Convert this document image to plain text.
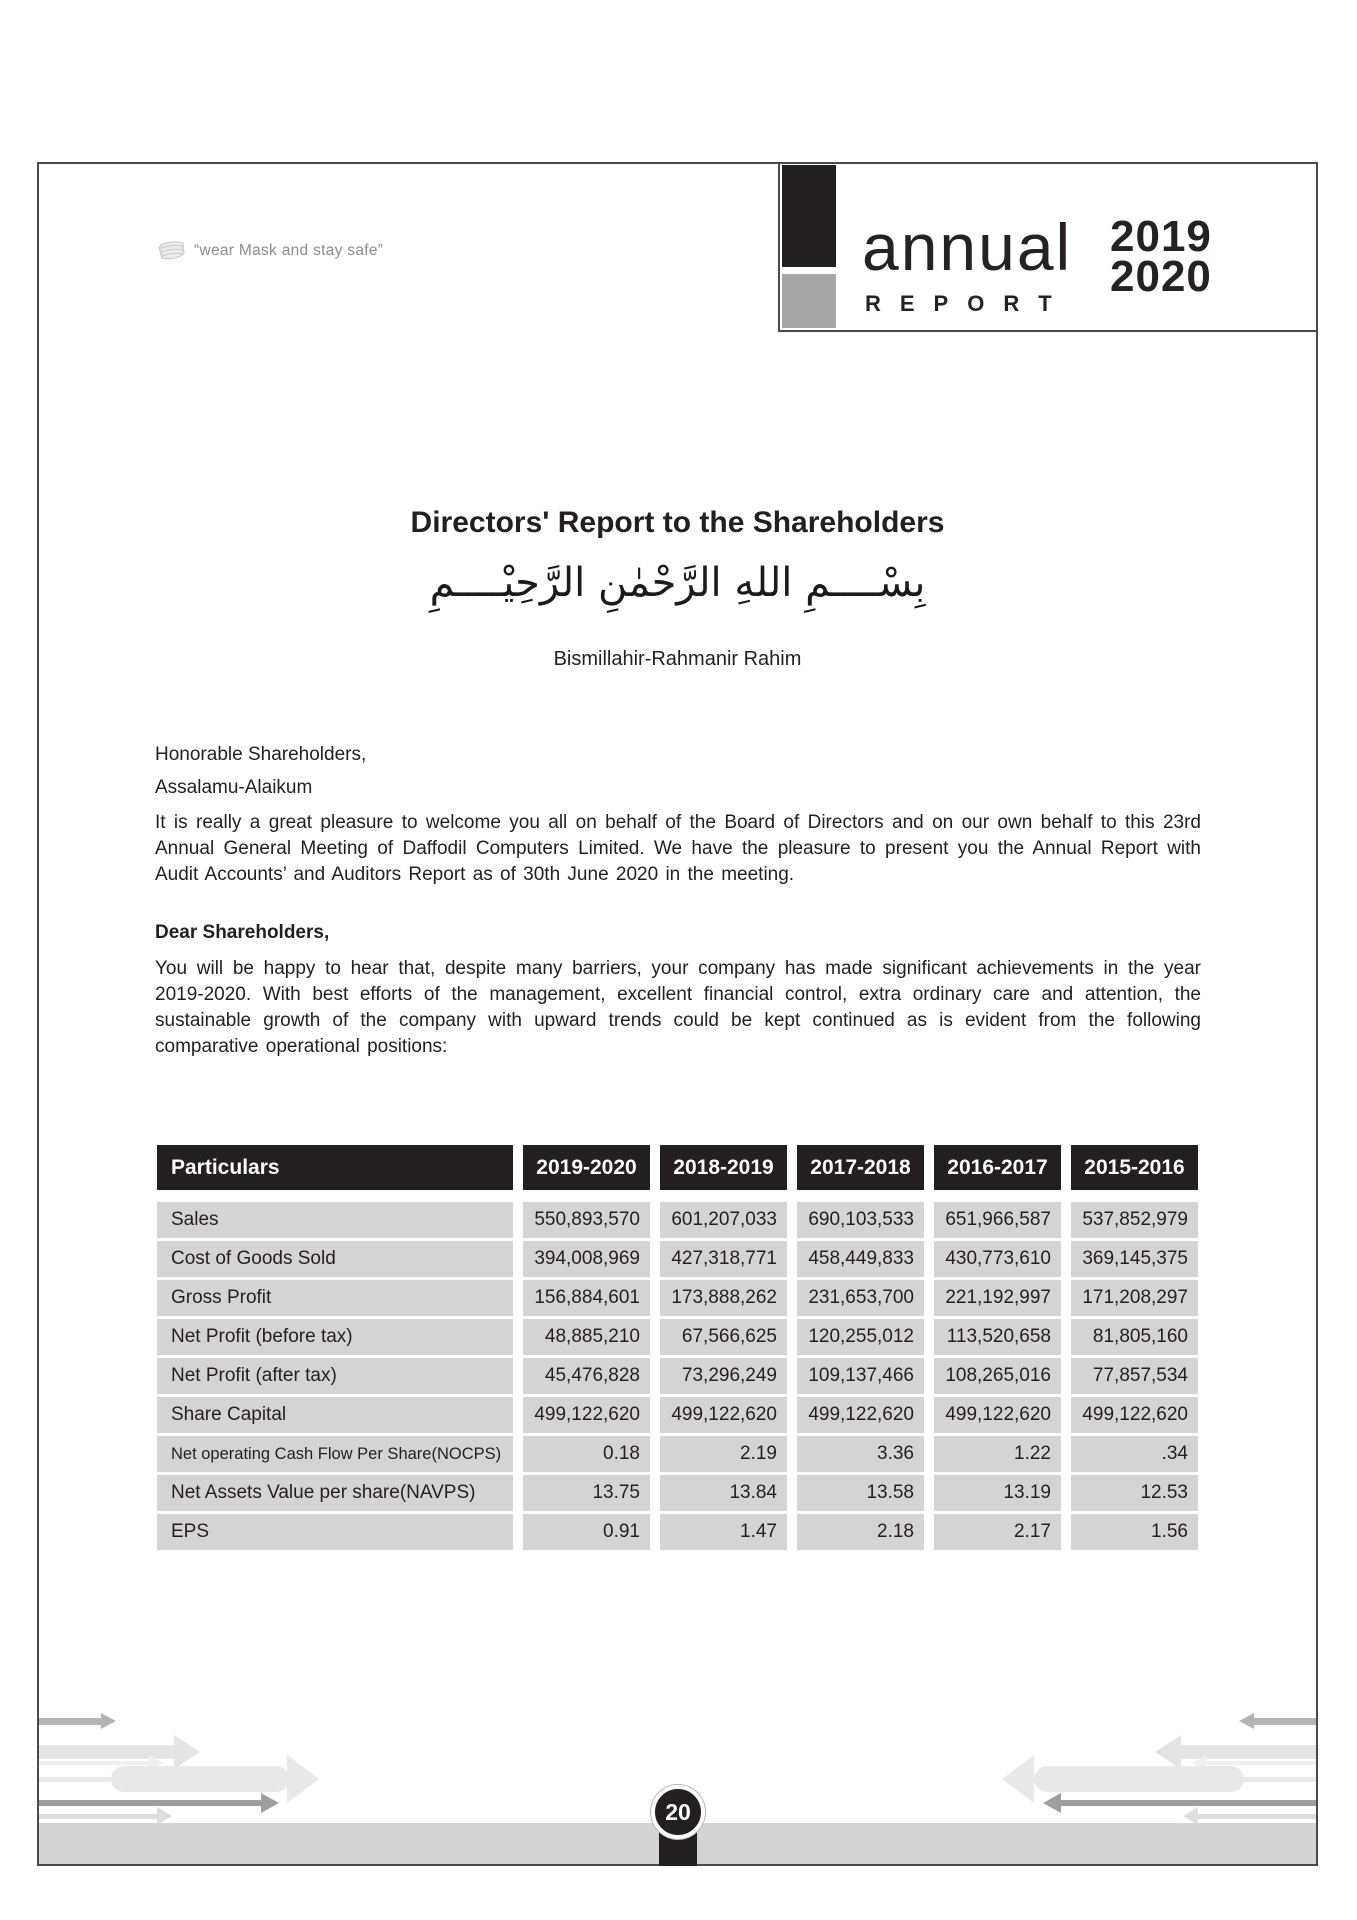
“wear Mask and stay safe”	annual
REPORT
2019
2020
Directors' Report to the Shareholders
بِسْــــمِ اللهِ الرَّحْمٰنِ الرَّحِيْــــمِ
Bismillahir-Rahmanir Rahim
Honorable Shareholders,
Assalamu-Alaikum
It is really a great pleasure to welcome you all on behalf of the Board of Directors and on our own behalf to this 23rd Annual General Meeting of Daffodil Computers Limited. We have the pleasure to present you the Annual Report with Audit Accounts’ and Auditors Report as of 30th June 2020 in the meeting.
Dear Shareholders,
You will be happy to hear that, despite many barriers, your company has made significant achievements in the year 2019-2020. With best efforts of the management, excellent financial control, extra ordinary care and attention, the sustainable growth of the company with upward trends could be kept continued as is evident from the following comparative operational positions:
Particulars	2019-2020	2018-2019	2017-2018	2016-2017	2015-2016
Sales	550,893,570	601,207,033	690,103,533	651,966,587	537,852,979
Cost of Goods Sold	394,008,969	427,318,771	458,449,833	430,773,610	369,145,375
Gross Profit	156,884,601	173,888,262	231,653,700	221,192,997	171,208,297
Net Profit (before tax)	48,885,210	67,566,625	120,255,012	113,520,658	81,805,160
Net Profit (after tax)	45,476,828	73,296,249	109,137,466	108,265,016	77,857,534
Share Capital	499,122,620	499,122,620	499,122,620	499,122,620	499,122,620
Net operating Cash Flow Per Share(NOCPS)	0.18	2.19	3.36	1.22	.34
Net Assets Value per share(NAVPS)	13.75	13.84	13.58	13.19	12.53
EPS	0.91	1.47	2.18	2.17	1.56
20
